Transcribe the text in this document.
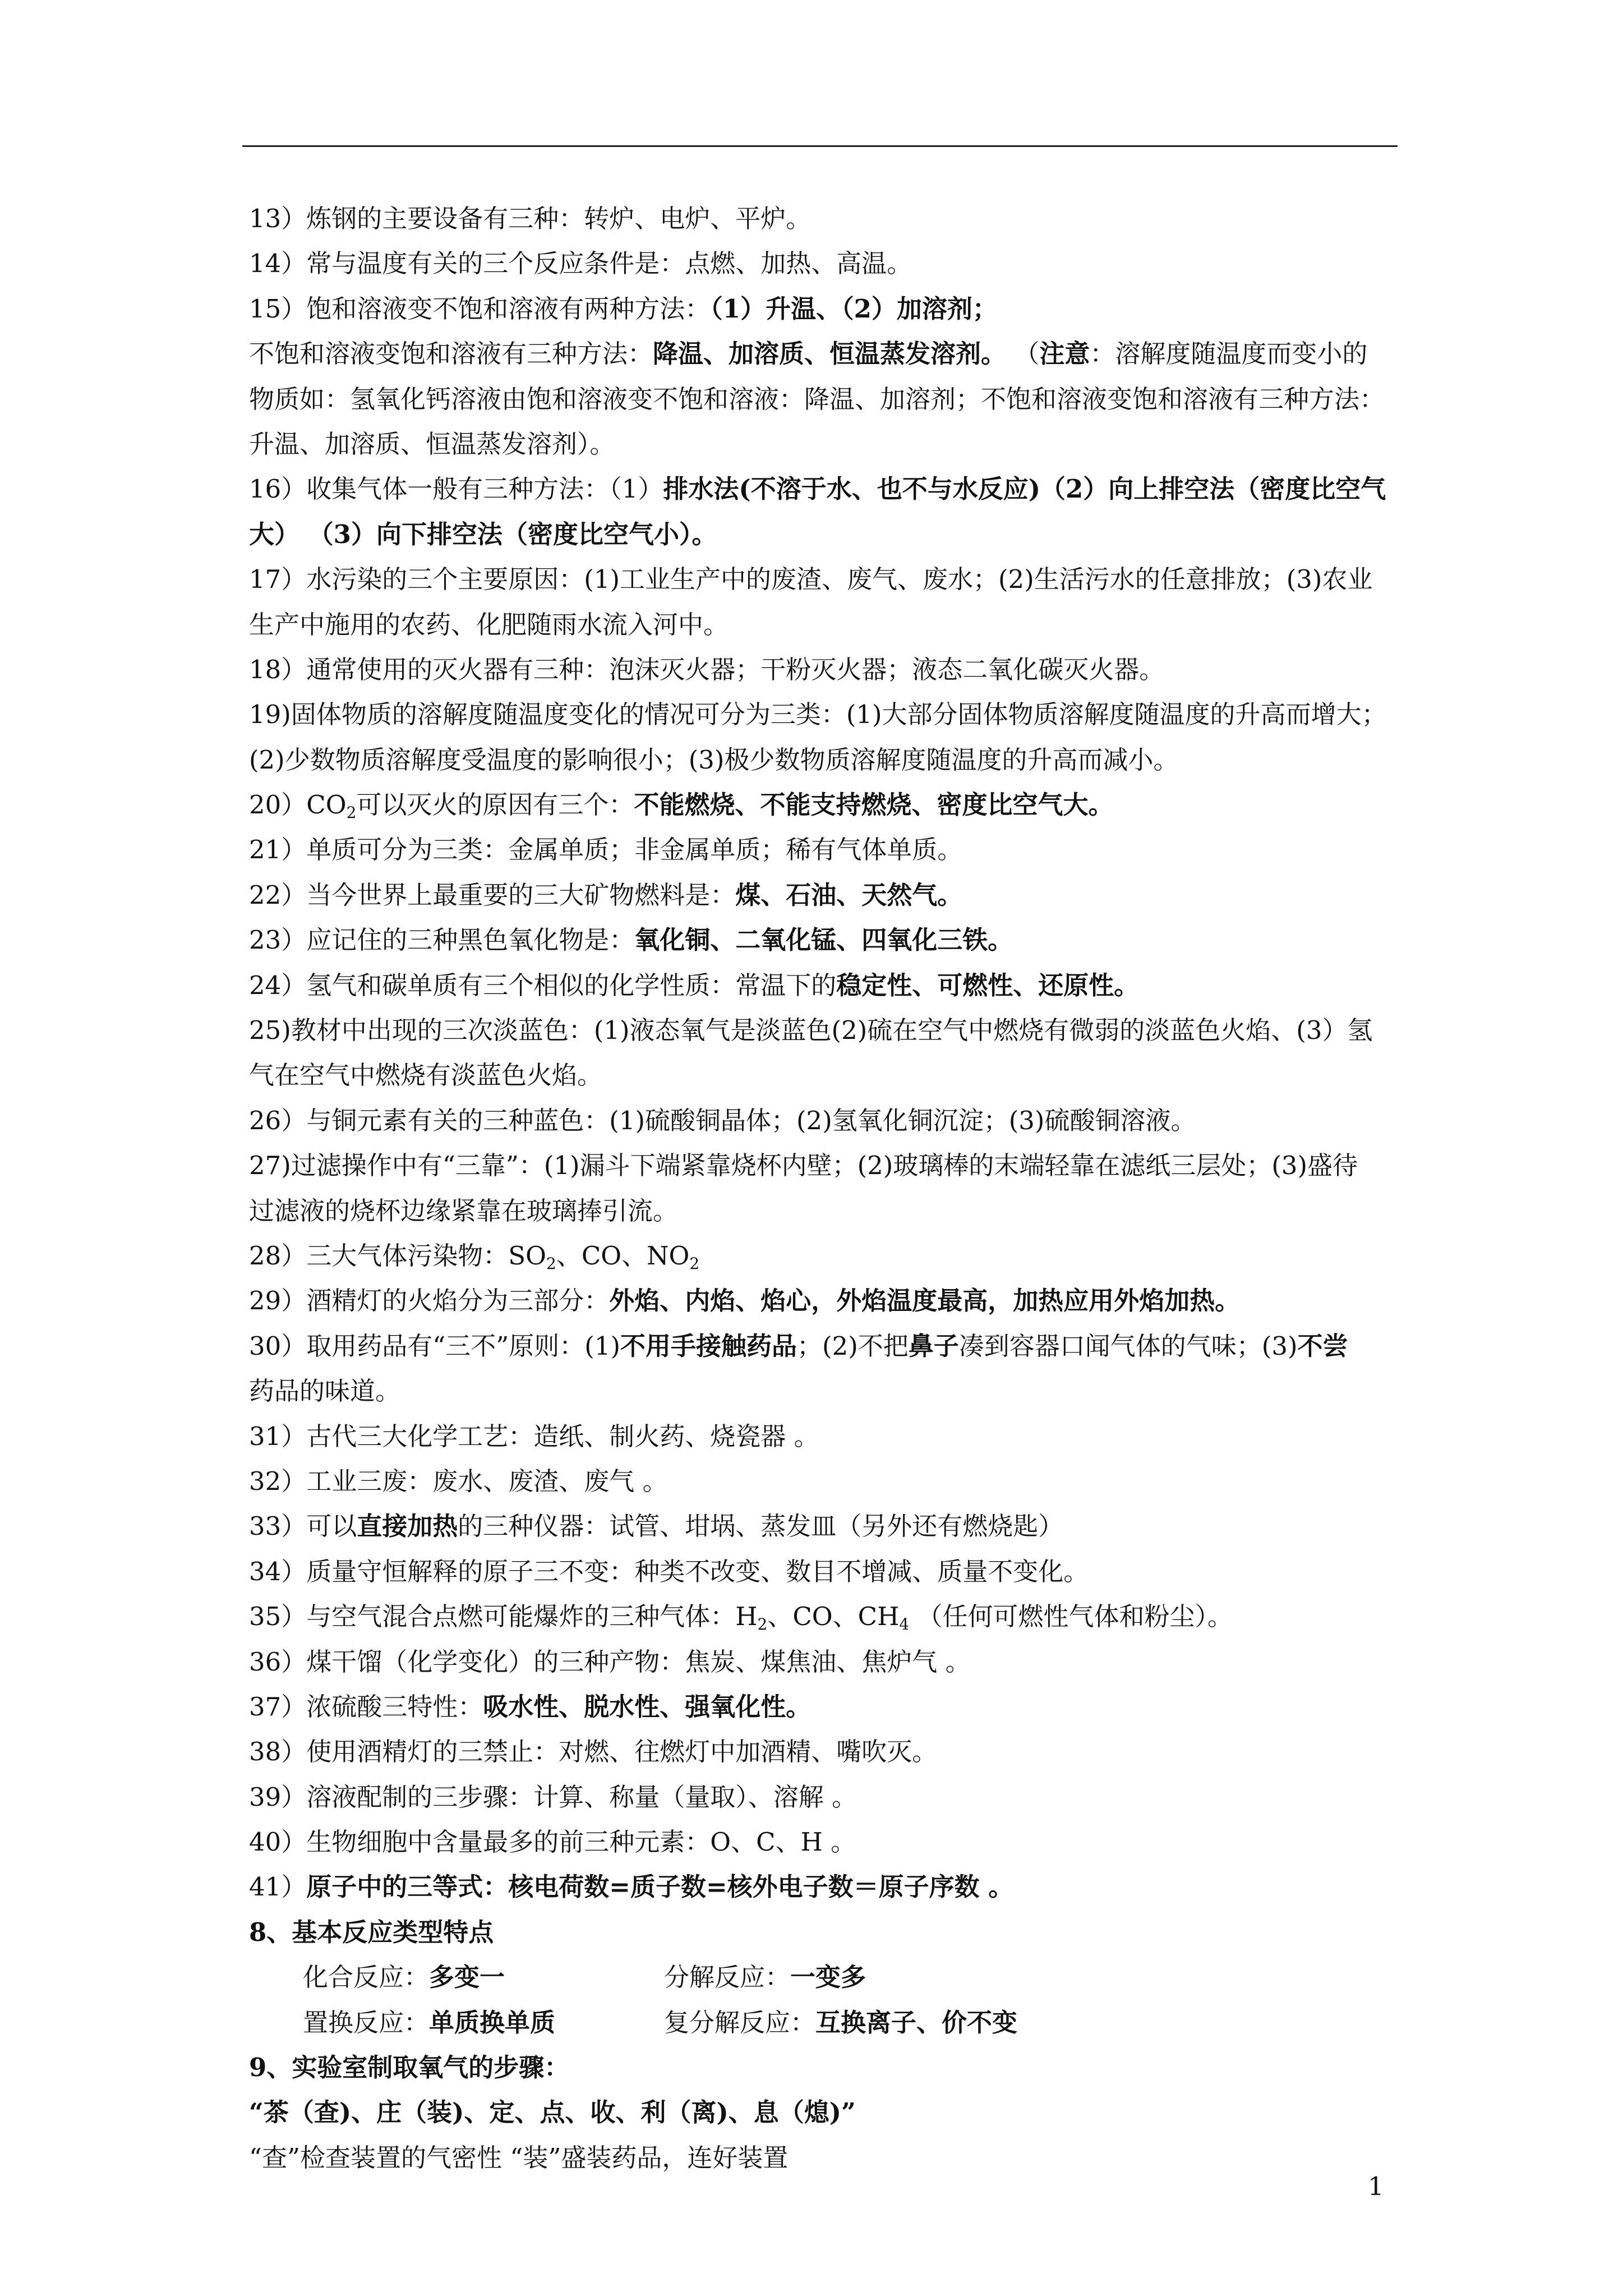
13）炼钢的主要设备有三种：转炉、电炉、平炉。
14）常与温度有关的三个反应条件是：点燃、加热、高温。
15）饱和溶液变不饱和溶液有两种方法：（1）升温、（2）加溶剂；
不饱和溶液变饱和溶液有三种方法：降温、加溶质、恒温蒸发溶剂。 （注意：溶解度随温度而变小的
物质如：氢氧化钙溶液由饱和溶液变不饱和溶液：降温、加溶剂；不饱和溶液变饱和溶液有三种方法：
升温、加溶质、恒温蒸发溶剂）。
16）收集气体一般有三种方法：（1）排水法(不溶于水、也不与水反应)（2）向上排空法（密度比空气
大） （3）向下排空法（密度比空气小）。
17）水污染的三个主要原因：(1)工业生产中的废渣、废气、废水；(2)生活污水的任意排放；(3)农业
生产中施用的农药、化肥随雨水流入河中。
18）通常使用的灭火器有三种：泡沫灭火器；干粉灭火器；液态二氧化碳灭火器。
19)固体物质的溶解度随温度变化的情况可分为三类：(1)大部分固体物质溶解度随温度的升高而增大；
(2)少数物质溶解度受温度的影响很小；(3)极少数物质溶解度随温度的升高而减小。
$20)CO_2$可以灭火的原因有三个：不能燃烧、不能支持燃烧、密度比空气大。
21）单质可分为三类：金属单质；非金属单质；稀有气体单质。
22）当今世界上最重要的三大矿物燃料是：煤、石油、天然气。
23）应记住的三种黑色氧化物是：氧化铜、二氧化锰、四氧化三铁。
24）氢气和碳单质有三个相似的化学性质：常温下的稳定性、可燃性、还原性。
25)教材中出现的三次淡蓝色：(1)液态氧气是淡蓝色(2)硫在空气中燃烧有微弱的淡蓝色火焰、(3）氢
气在空气中燃烧有淡蓝色火焰。
26）与铜元素有关的三种蓝色：(1)硫酸铜晶体；(2)氢氧化铜沉淀；(3)硫酸铜溶液。
27)过滤操作中有“三靠”：(1)漏斗下端紧靠烧杯内壁；(2)玻璃棒的末端轻靠在滤纸三层处；(3)盛待
过滤液的烧杯边缘紧靠在玻璃捧引流。
28）三大气体污染物：$SO_2$、CO、$NO_2$
29）酒精灯的火焰分为三部分：外焰、内焰、焰心，外焰温度最高，加热应用外焰加热。
30）取用药品有“三不”原则：(1)不用手接触药品；(2)不把鼻子凑到容器口闻气体的气味；(3)不尝
药品的味道。
31）古代三大化学工艺：造纸、制火药、烧瓷器 。
32）工业三废：废水、废渣、废气 。
33）可以直接加热的三种仪器：试管、坩埚、蒸发皿（另外还有燃烧匙）
34）质量守恒解释的原子三不变：种类不改变、数目不增减、质量不变化。
35）与空气混合点燃可能爆炸的三种气体：$H_2$、CO、$CH_4$ （任何可燃性气体和粉尘）。
36）煤干馏（化学变化）的三种产物：焦炭、煤焦油、焦炉气 。
37）浓硫酸三特性：吸水性、脱水性、强氧化性。
38）使用酒精灯的三禁止：对燃、往燃灯中加酒精、嘴吹灭。
39）溶液配制的三步骤：计算、称量（量取）、溶解 。
40）生物细胞中含量最多的前三种元素：O、C、H 。
41）原子中的三等式：核电荷数=质子数=核外电子数＝原子序数 。
8、基本反应类型特点
化合反应：多变一	分解反应：一变多
置换反应：单质换单质	复分解反应：互换离子、价不变
9、实验室制取氧气的步骤：
“茶（查)、庄（装)、定、点、收、利（离)、息（熄)”
“查”检查装置的气密性 “装”盛装药品，连好装置
1
